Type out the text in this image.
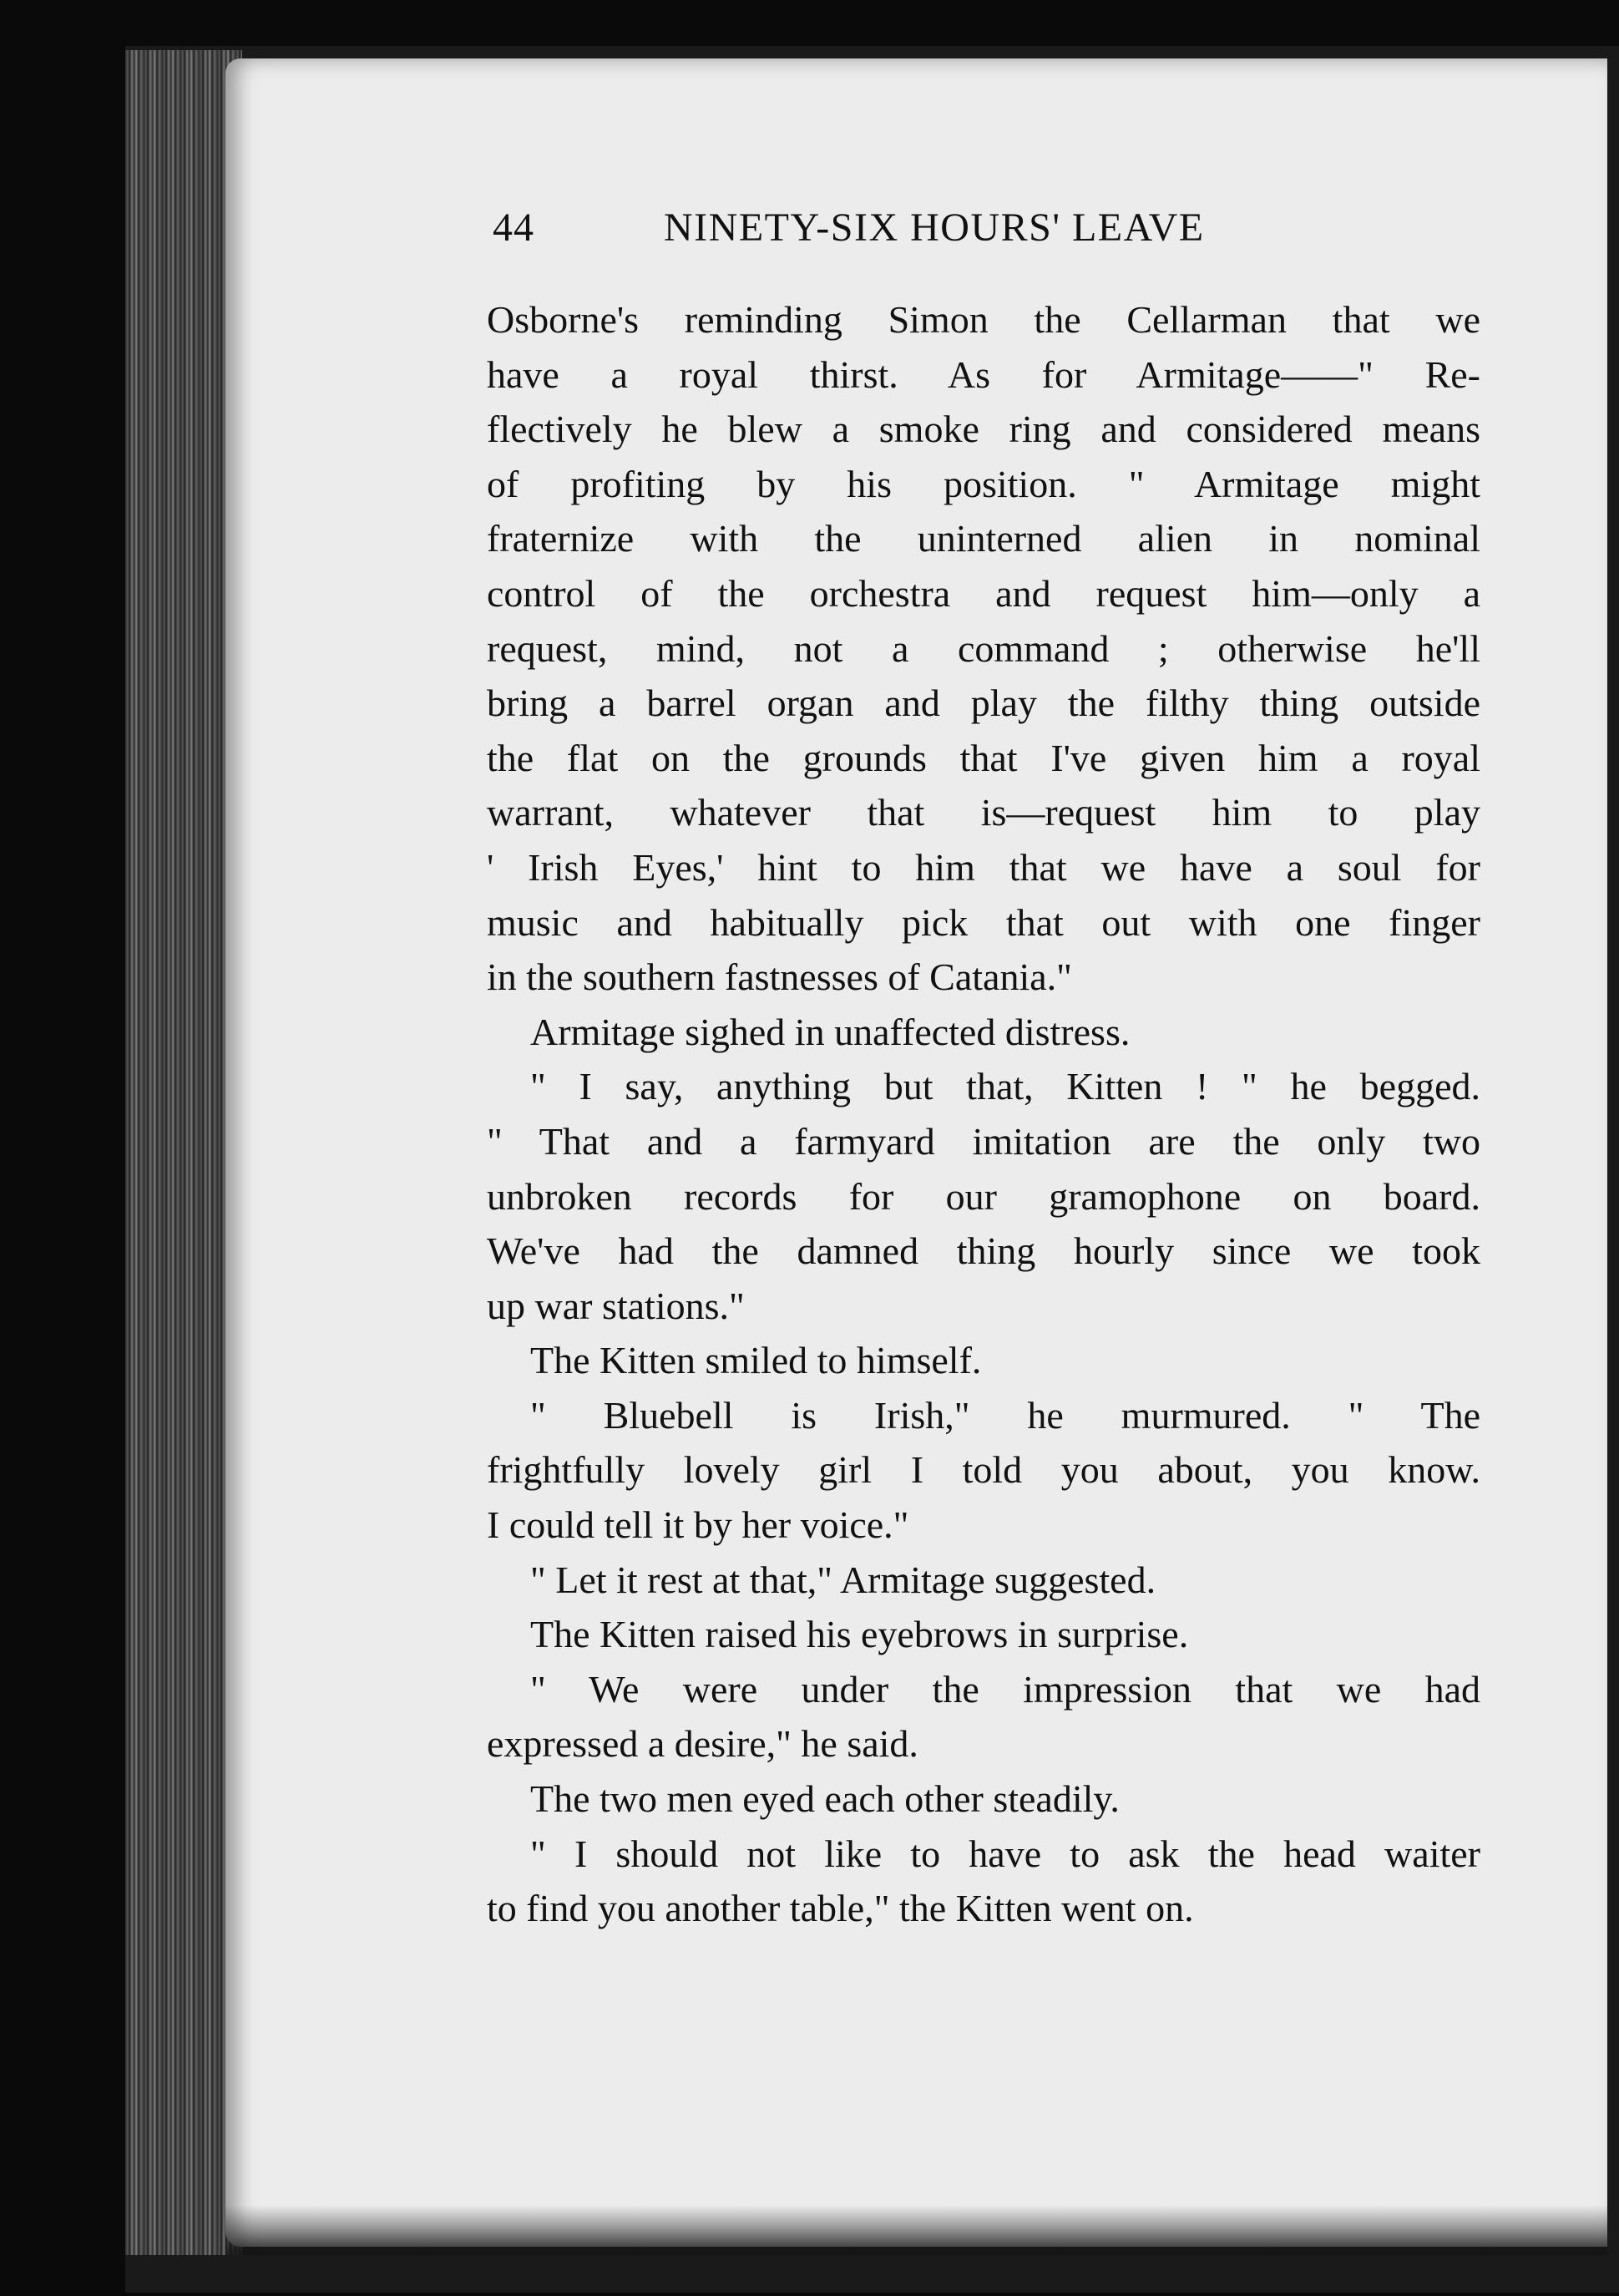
44	NINETY-SIX HOURS' LEAVE
Osborne's reminding Simon the Cellarman that we
have a royal thirst. As for Armitage——" Re-
flectively he blew a smoke ring and considered means
of profiting by his position. " Armitage might
fraternize with the uninterned alien in nominal
control of the orchestra and request him—only a
request, mind, not a command ; otherwise he'll
bring a barrel organ and play the filthy thing outside
the flat on the grounds that I've given him a royal
warrant, whatever that is—request him to play
' Irish Eyes,' hint to him that we have a soul for
music and habitually pick that out with one finger
in the southern fastnesses of Catania."
Armitage sighed in unaffected distress.
" I say, anything but that, Kitten ! " he begged.
" That and a farmyard imitation are the only two
unbroken records for our gramophone on board.
We've had the damned thing hourly since we took
up war stations."
The Kitten smiled to himself.
" Bluebell is Irish," he murmured. " The
frightfully lovely girl I told you about, you know.
I could tell it by her voice."
" Let it rest at that," Armitage suggested.
The Kitten raised his eyebrows in surprise.
" We were under the impression that we had
expressed a desire," he said.
The two men eyed each other steadily.
" I should not like to have to ask the head waiter
to find you another table," the Kitten went on.
